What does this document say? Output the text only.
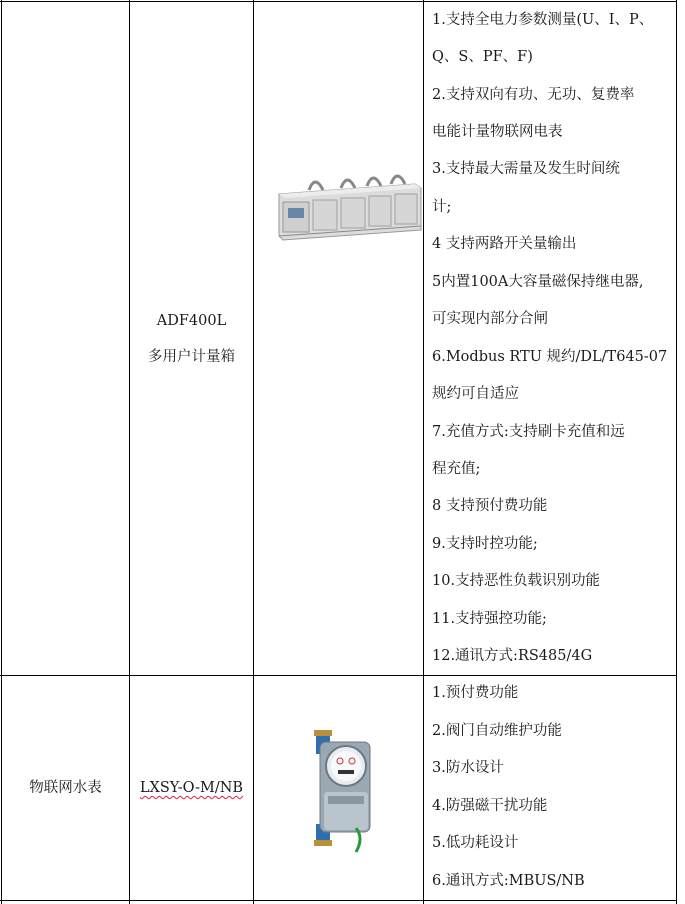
ADF400L
多用户计量箱
1.支持全电力参数测量(U、I、P、
Q、S、PF、F)
2.支持双向有功、无功、复费率
电能计量物联网电表
3.支持最大需量及发生时间统
计;
4 支持两路开关量输出
5内置100A大容量磁保持继电器,
可实现内部分合闸
6.Modbus RTU 规约/DL/T645-07
规约可自适应
7.充值方式:支持刷卡充值和远
程充值;
8 支持预付费功能
9.支持时控功能;
10.支持恶性负载识别功能
11.支持强控功能;
12.通讯方式:RS485/4G
物联网水表	LXSY-O-M/NB
1.预付费功能
2.阀门自动维护功能
3.防水设计
4.防强磁干扰功能
5.低功耗设计
6.通讯方式:MBUS/NB
